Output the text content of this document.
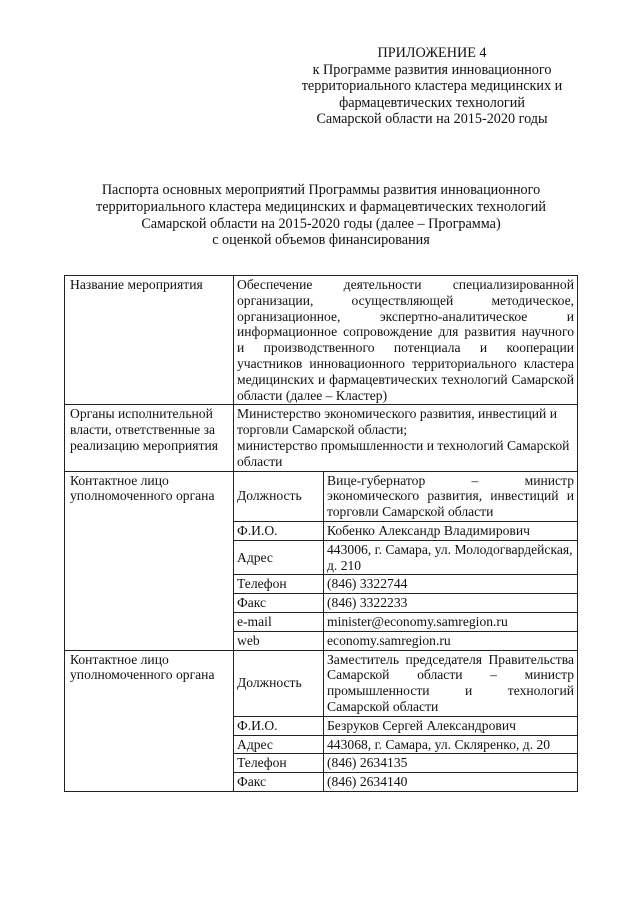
ПРИЛОЖЕНИЕ 4
к Программе развития инновационного
территориального кластера медицинских и
фармацевтических технологий
Самарской области на 2015-2020 годы
Паспорта основных мероприятий Программы развития инновационного
территориального кластера медицинских и фармацевтических технологий
Самарской области на 2015-2020 годы (далее – Программа)
с оценкой объемов финансирования
Название мероприятия	Обеспечение деятельности специализированной организации, осуществляющей методическое, организационное, экспертно-аналитическое и информационное сопровождение для развития научного и производственного потенциала и кооперации участников инновационного территориального кластера медицинских и фармацевтических технологий Самарской области (далее – Кластер)	
Органы исполнительной власти, ответственные за реализацию мероприятия	Министерство экономического развития, инвестиций и торговли Самарской области;
министерство промышленности и технологий Самарской области	

Контактное лицо уполномоченного органа	Должность	Вице-губернатор – министр экономического развития, инвестиций и торговли Самарской области
	Ф.И.О.	Кобенко Александр Владимирович
	Адрес	443006, г. Самара, ул. Молодогвардейская, д. 210
	Телефон	(846) 3322744
	Факс	(846) 3322233
	e-mail	minister@economy.samregion.ru
	web	economy.samregion.ru
Контактное лицо уполномоченного органа	Должность	Заместитель председателя Правительства Самарской области – министр промышленности и технологий Самарской области
	Ф.И.О.	Безруков Сергей Александрович
	Адрес	443068, г. Самара, ул. Скляренко, д. 20
	Телефон	(846) 2634135
	Факс	(846) 2634140
